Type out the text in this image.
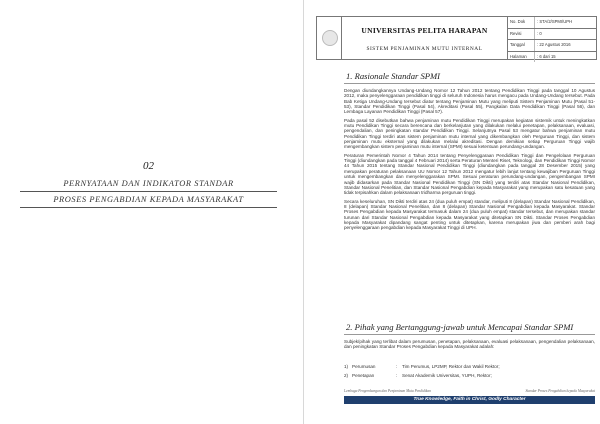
02
PERNYATAAN DAN INDIKATOR STANDAR
PROSES PENGABDIAN KEPADA MASYARAKAT
UNIVERSITAS PELITA HARAPAN
SISTEM PENJAMINAN MUTU INTERNAL
No. Dok	: STA/2/SPMI/UPH
Revisi	: 0
Tanggal	: 22 Agustus 2016
Halaman	: 6 dari 15
1. Rasionale Standar SPMI

Dengan diundangkannya Undang-Undang Nomor 12 Tahun 2012 tentang Pendidikan Tinggi pada tanggal 10 Agustus 2012, maka penyelenggaraan pendidikan tinggi di seluruh Indonesia harus mengacu pada Undang-Undang tersebut. Pada Bab Ketiga Undang-Undang tersebut diatur tentang Penjaminan Mutu yang meliputi Sistem Penjaminan Mutu (Pasal 51-53), Standar Pendidikan Tinggi (Pasal 54), Akreditasi (Pasal 55), Pangkalan Data Pendidikan Tinggi (Pasal 56), dan Lembaga Layanan Pendidikan Tinggi (Pasal 57).

Pada pasal 52 disebutkan bahwa penjaminan mutu Pendidikan Tinggi merupakan kegiatan sistemik untuk meningkatkan mutu Pendidikan Tinggi secara berencana dan berkelanjutan yang dilakukan melalui penetapan, pelaksanaan, evaluasi, pengendalian, dan peningkatan standar Pendidikan Tinggi. Selanjutnya Pasal 53 mengatur bahwa penjaminan mutu Pendidikan Tinggi terdiri atas sistem penjaminan mutu internal yang dikembangkan oleh Perguruan Tinggi, dan sistem penjaminan mutu eksternal yang dilakukan melalui akreditasi. Dengan demikian setiap Perguruan Tinggi wajib mengembangkan sistem penjaminan mutu internal (SPMI) sesuai ketentuan perundang-undangan.

Peraturan Pemerintah Nomor 4 Tahun 2014 tentang Penyelenggaraan Pendidikan Tinggi dan Pengelolaan Perguruan Tinggi (diundangkan pada tanggal 4 Februari 2014) serta Peraturan Menteri Riset, Teknologi, dan Pendidikan Tinggi Nomor 44 Tahun 2015 tentang Standar Nasional Pendidikan Tinggi (diundangkan pada tanggal 28 Desember 2015) yang merupakan peraturan pelaksanaan UU Nomor 12 Tahun 2012 mengatur lebih lanjut tentang kewajiban Perguruan Tinggi untuk mengembangkan dan menyelenggarakan SPMI. Sesuai peraturan perundang-undangan, pengembangan SPMI wajib didasarkan pada Standar Nasional Pendidikan Tinggi (SN Dikti) yang terdiri atas Standar Nasional Pendidikan, Standar Nasional Penelitian, dan Standar Nasional Pengabdian kepada Masyarakat yang merupakan satu kesatuan yang tidak terpisahkan dalam pelaksanaan tridharma perguruan tinggi.

Secara keseluruhan, SN Dikti terdiri atas 24 (dua puluh empat) standar, meliputi 8 (delapan) Standar Nasional Pendidikan, 8 (delapan) Standar Nasional Penelitian, dan 8 (delapan) Standar Nasional Pengabdian kepada Masyarakat. Standar Proses Pengabdian kepada Masyarakat termasuk dalam 24 (dua puluh empat) standar tersebut, dan merupakan standar turunan dari Standar Nasional Pengabdian kepada Masyarakat yang ditetapkan SN Dikti. Standar Proses Pengabdian kepada Masyarakat dipandang sangat penting untuk ditetapkan, karena merupakan jiwa dan pemberi arah bagi penyelenggaraan pengabdian kepada Masyarakat Tinggi di UPH.

2. Pihak yang Bertanggung-jawab untuk Mencapai Standar SPMI
Subjek/pihak yang terlibat dalam perumusan, penetapan, pelaksanaan, evaluasi pelaksanaan, pengendalian pelaksanaan, dan peningkatan Standar Proses Pengabdian kepada Masyarakat adalah:
1) Perumusan	:	Tim Perumus, LP2MP, Rektor dan Wakil Rektor;
2) Penetapan	:	Senat Akademik Universitas, YUPH, Rektor;
Lembaga Pengembangan dan Penjaminan Mutu Pendidikan	Standar Proses Pengabdian kepada Masyarakat
True Knowledge, Faith in Christ, Godly Character
